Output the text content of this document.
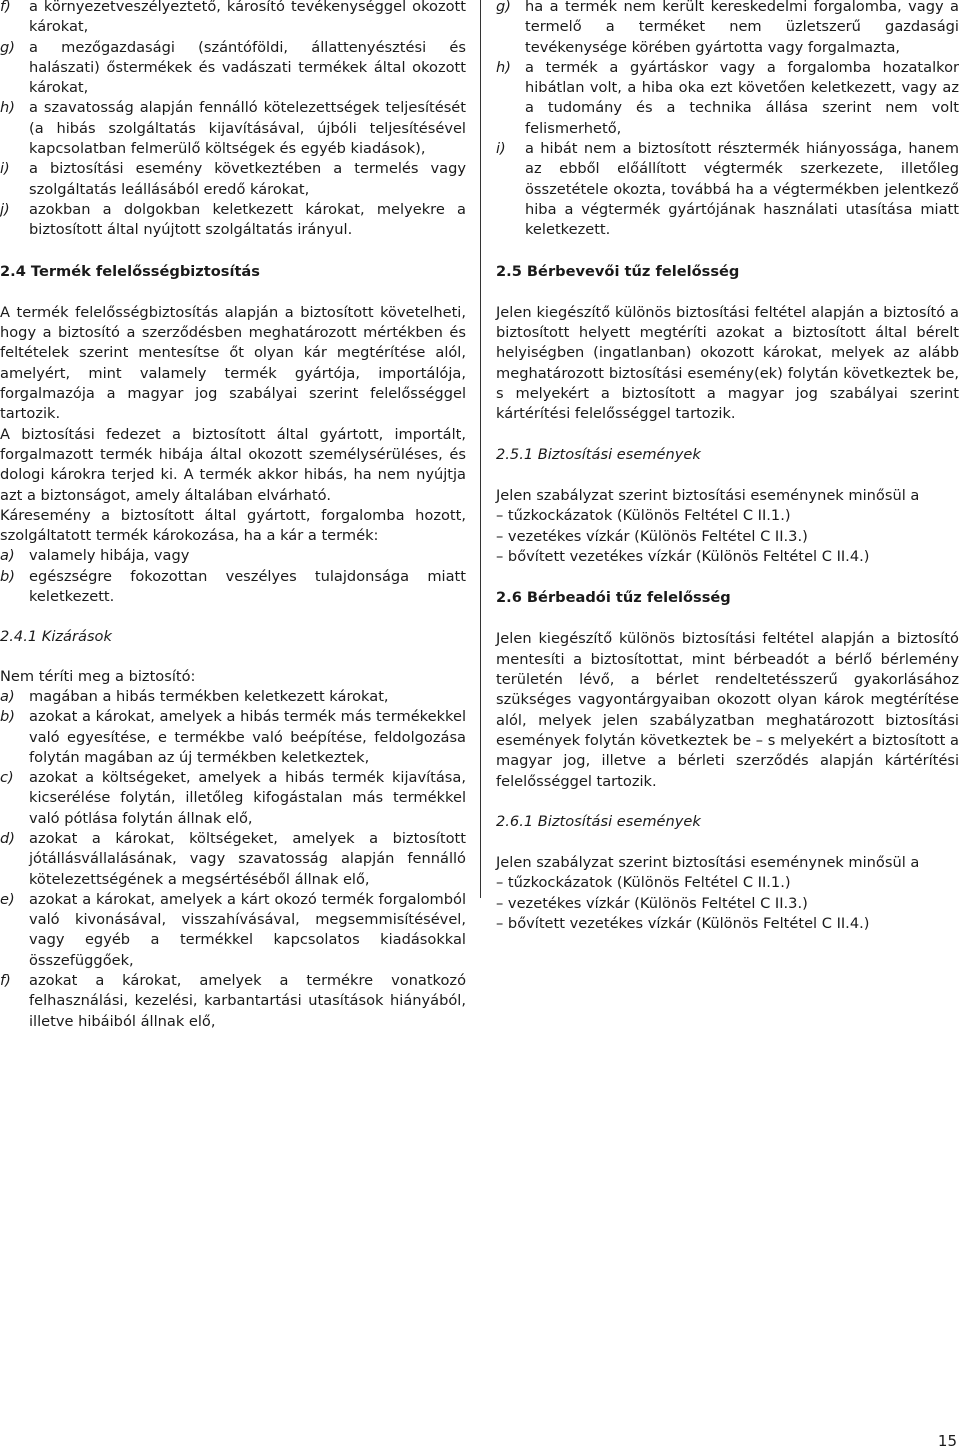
f) a környezetveszélyeztető, károsító tevékenységgel okozott károkat,
g) a mezőgazdasági (szántóföldi, állattenyésztési és halászati) őstermékek és vadászati termékek által okozott károkat,
h) a szavatosság alapján fennálló kötelezettségek teljesítését (a hibás szolgáltatás kijavításával, újbóli teljesítésével kapcsolatban felmerülő költségek és egyéb kiadások),
i) a biztosítási esemény következtében a termelés vagy szolgáltatás leállásából eredő károkat,
j) azokban a dolgokban keletkezett károkat, melyekre a biztosított által nyújtott szolgáltatás irányul.

2.4 Termék felelősségbiztosítás

A termék felelősségbiztosítás alapján a biztosított követelheti, hogy a biztosító a szerződésben meghatározott mértékben és feltételek szerint mentesítse őt olyan kár megtérítése alól, amelyért, mint valamely termék gyártója, importálója, forgalmazója a magyar jog szabályai szerint felelősséggel tartozik.

A biztosítási fedezet a biztosított által gyártott, importált, forgalmazott termék hibája által okozott személysérüléses, és dologi károkra terjed ki. A termék akkor hibás, ha nem nyújtja azt a biztonságot, amely általában elvárható.

Káresemény a biztosított által gyártott, forgalomba hozott, szolgáltatott termék károkozása, ha a kár a termék:

a) valamely hibája, vagy
b) egészségre fokozottan veszélyes tulajdonsága miatt keletkezett.

2.4.1 Kizárások

Nem téríti meg a biztosító:

a) magában a hibás termékben keletkezett károkat,
b) azokat a károkat, amelyek a hibás termék más termékekkel való egyesítése, e termékbe való beépítése, feldolgozása folytán magában az új termékben keletkeztek,
c) azokat a költségeket, amelyek a hibás termék kijavítása, kicserélése folytán, illetőleg kifogástalan más termékkel való pótlása folytán állnak elő,
d) azokat a károkat, költségeket, amelyek a biztosított jótállásvállalásának, vagy szavatosság alapján fennálló kötelezettségének a megsértéséből állnak elő,
e) azokat a károkat, amelyek a kárt okozó termék forgalomból való kivonásával, visszahívásával, megsemmisítésével, vagy egyéb a termékkel kapcsolatos kiadásokkal összefüggőek,
f) azokat a károkat, amelyek a termékre vonatkozó felhasználási, kezelési, karbantartási utasítások hiányából, illetve hibáiból állnak elő,
g) ha a termék nem került kereskedelmi forgalomba, vagy a termelő a terméket nem üzletszerű gazdasági tevékenysége körében gyártotta vagy forgalmazta,
h) a termék a gyártáskor vagy a forgalomba hozatalkor hibátlan volt, a hiba oka ezt követően keletkezett, vagy az a tudomány és a technika állása szerint nem volt felismerhető,
i) a hibát nem a biztosított résztermék hiányossága, hanem az ebből előállított végtermék szerkezete, illetőleg összetétele okozta, továbbá ha a végtermékben jelentkező hiba a végtermék gyártójának használati utasítása miatt keletkezett.

2.5 Bérbevevői tűz felelősség

Jelen kiegészítő különös biztosítási feltétel alapján a biztosító a biztosított helyett megtéríti azokat a biztosított által bérelt helyiségben (ingatlanban) okozott károkat, melyek az alább meghatározott biztosítási esemény(ek) folytán következtek be, s melyekért a biztosított a magyar jog szabályai szerint kártérítési felelősséggel tartozik.

2.5.1 Biztosítási események

Jelen szabályzat szerint biztosítási eseménynek minősül a

– tűzkockázatok (Különös Feltétel C II.1.)

– vezetékes vízkár (Különös Feltétel C II.3.)

– bővített vezetékes vízkár (Különös Feltétel C II.4.)

2.6 Bérbeadói tűz felelősség

Jelen kiegészítő különös biztosítási feltétel alapján a biztosító mentesíti a biztosítottat, mint bérbeadót a bérlő bérlemény területén lévő, a bérlet rendeltetésszerű gyakorlásához szükséges vagyontárgyaiban okozott olyan károk megtérítése alól, melyek jelen szabályzatban meghatározott biztosítási események folytán következtek be – s melyekért a biztosított a magyar jog, illetve a bérleti szerződés alapján kártérítési felelősséggel tartozik.

2.6.1 Biztosítási események

Jelen szabályzat szerint biztosítási eseménynek minősül a

– tűzkockázatok (Különös Feltétel C II.1.)

– vezetékes vízkár (Különös Feltétel C II.3.)

– bővített vezetékes vízkár (Különös Feltétel C II.4.)

15
